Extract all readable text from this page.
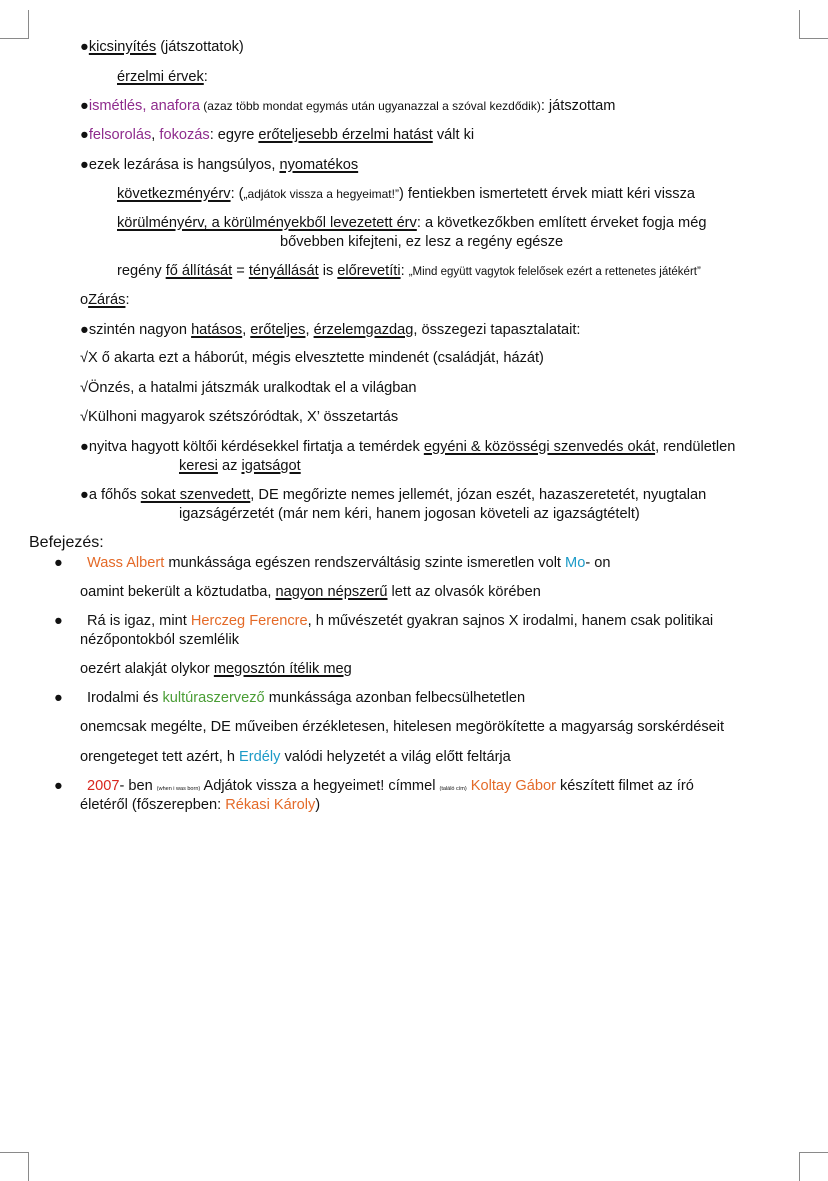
●kicsinyítés (játszottatok)
érzelmi érvek:
●ismétlés, anafora (azaz több mondat egymás után ugyanazzal a szóval kezdődik): játszottam
●felsorolás, fokozás: egyre erőteljesebb érzelmi hatást vált ki
●ezek lezárása is hangsúlyos, nyomatékos
következményérv: („adjátok vissza a hegyeimat!”) fentiekben ismertetett érvek miatt kéri vissza
körülményérv, a körülményekből levezetett érv: a következőkben említett érveket fogja még
bővebben kifejteni, ez lesz a regény egésze
regény fő állítását = tényállását is előrevetíti: „Mind együtt vagytok felelősek ezért a rettenetes játékért”
oZárás:
●szintén nagyon hatásos, erőteljes, érzelemgazdag, összegezi tapasztalatait:
√X ő akarta ezt a háborút, mégis elvesztette mindenét (családját, házát)
√Önzés, a hatalmi játszmák uralkodtak el a világban
√Külhoni magyarok szétszóródtak, X’ összetartás
●nyitva hagyott költői kérdésekkel firtatja a temérdek egyéni & közösségi szenvedés okát, rendületlen
keresi az igatságot
●a főhős sokat szenvedett, DE megőrizte nemes jellemét, józan eszét, hazaszeretetét, nyugtalan
igazságérzetét (már nem kéri, hanem jogosan követeli az igazságtételt)
Befejezés:
● Wass Albert munkássága egészen rendszerváltásig szinte ismeretlen volt Mo- on
oamint bekerült a köztudatba, nagyon népszerű lett az olvasók körében
● Rá is igaz, mint Herczeg Ferencre, h művészetét gyakran sajnos X irodalmi, hanem csak politikai
nézőpontokból szemlélik
oezért alakját olykor megosztón ítélik meg
● Irodalmi és kultúraszervező munkássága azonban felbecsülhetetlen
onemcsak megélte, DE műveiben érzékletesen, hitelesen megörökítette a magyarság sorskérdéseit
orengeteget tett azért, h Erdély valódi helyzetét a világ előtt feltárja
● 2007- ben (when i was born) Adjátok vissza a hegyeimet! címmel (találó cím) Koltay Gábor készített filmet az író
életéről (főszerepben: Rékasi Károly)
